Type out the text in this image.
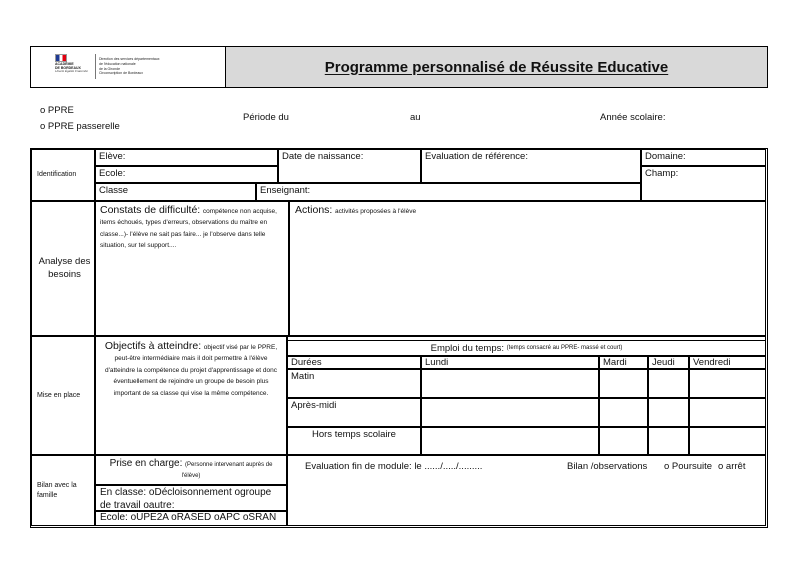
ACADÉMIE
DE BORDEAUX
Liberté Égalité Fraternité
Direction des services départementaux
de l'éducation nationale
de la Gironde
Circonscription de Bordeaux	Programme personnalisé de Réussite Educative
o PPRE
o PPRE passerelle
Période du	au	Année scolaire:
Identification
Elève:	Date de naissance:	Evaluation de référence:	Domaine:
Ecole:	Champ:
Classe	Enseignant:
Analyse des besoins
Constats de difficulté: compétence non acquise, items échoués, types d'erreurs, observations du maître en classe...)- l'élève ne sait pas faire... je l'observe dans telle situation, sur tel support....
Actions: activités proposées à l'élève
Mise en place
Objectifs à atteindre: objectif visé par le PPRE, peut-être intermédiaire mais il doit permettre à l'élève d'atteindre la compétence du projet d'apprentissage et donc éventuellement de rejoindre un groupe de besoin plus important de sa classe qui vise la même compétence.
Emploi du temps:
(temps consacré au PPRE- massé et court)
Durées	Lundi	Mardi	Jeudi	Vendredi
Matin
Après-midi
Hors temps scolaire
Bilan avec la famille
Prise en charge: (Personne intervenant auprès de l'élève)
En classe: oDécloisonnement ogroupe de travail oautre:
Ecole: oUPE2A oRASED oAPC oSRAN
Evaluation fin de module: le ....../...../.........	Bilan /observations o Poursuite o arrêt
